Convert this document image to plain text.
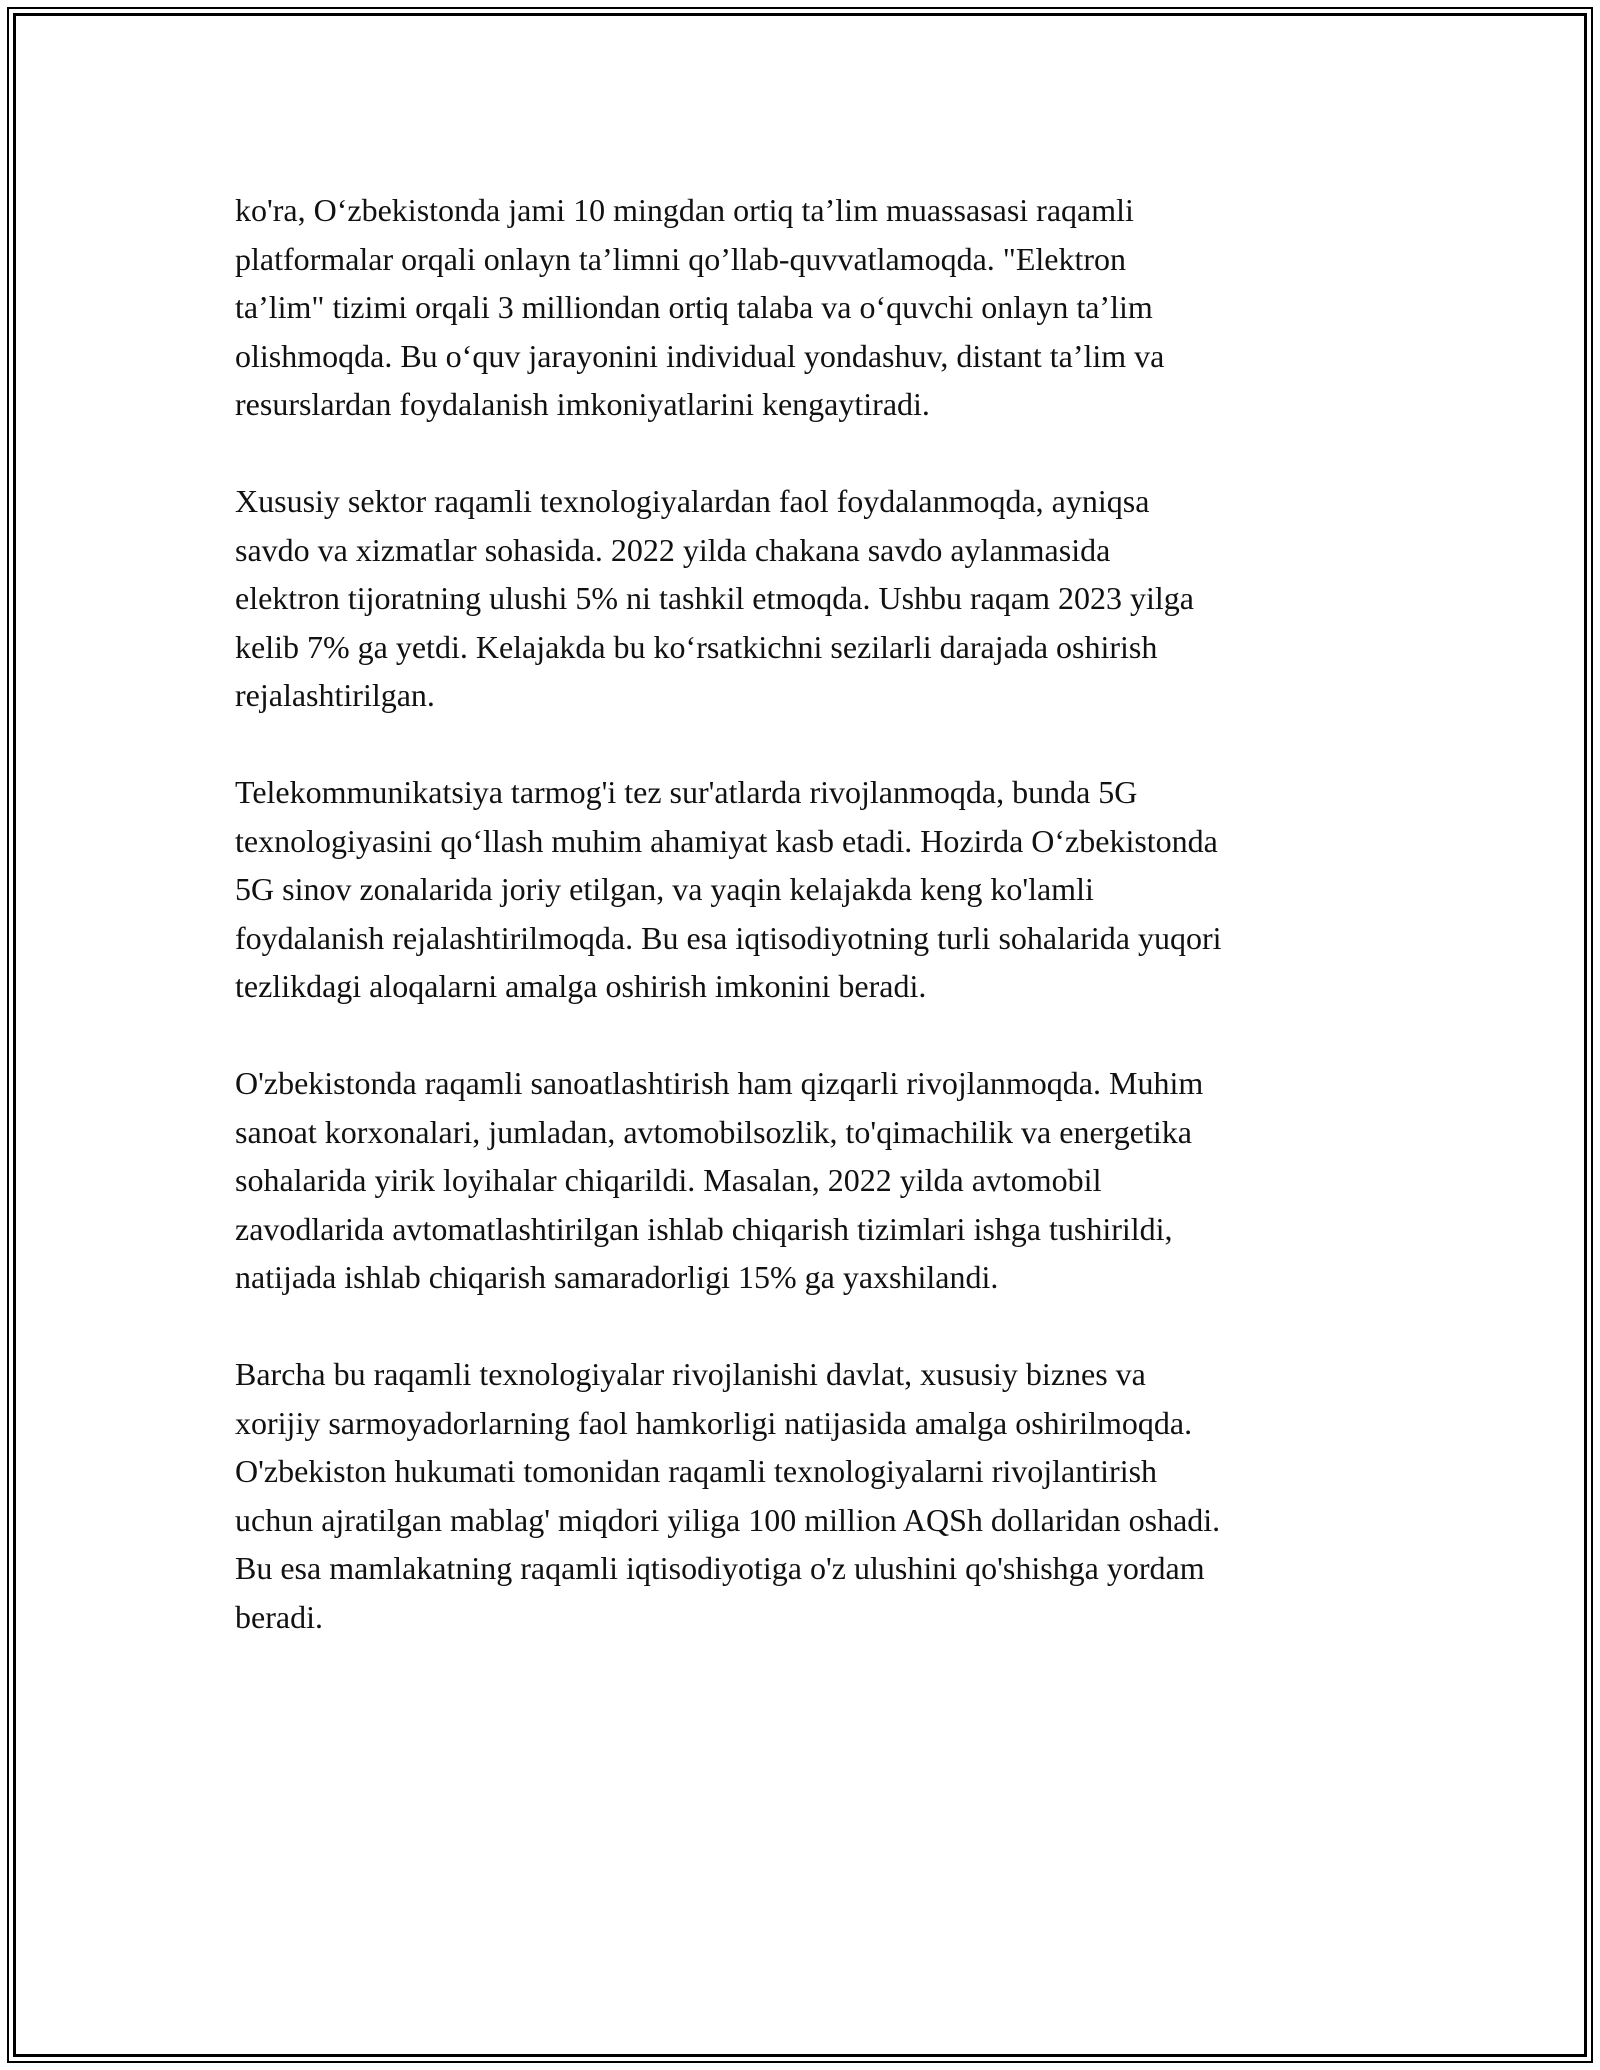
ko'ra, O‘zbekistonda jami 10 mingdan ortiq ta’lim muassasasi raqamli
platformalar orqali onlayn ta’limni qo’llab-quvvatlamoqda. "Elektron
ta’lim" tizimi orqali 3 milliondan ortiq talaba va o‘quvchi onlayn ta’lim
olishmoqda. Bu o‘quv jarayonini individual yondashuv, distant ta’lim va
resurslardan foydalanish imkoniyatlarini kengaytiradi.

Xususiy sektor raqamli texnologiyalardan faol foydalanmoqda, ayniqsa
savdo va xizmatlar sohasida. 2022 yilda chakana savdo aylanmasida
elektron tijoratning ulushi 5% ni tashkil etmoqda. Ushbu raqam 2023 yilga
kelib 7% ga yetdi. Kelajakda bu ko‘rsatkichni sezilarli darajada oshirish
rejalashtirilgan.

Telekommunikatsiya tarmog'i tez sur'atlarda rivojlanmoqda, bunda 5G
texnologiyasini qo‘llash muhim ahamiyat kasb etadi. Hozirda O‘zbekistonda
5G sinov zonalarida joriy etilgan, va yaqin kelajakda keng ko'lamli
foydalanish rejalashtirilmoqda. Bu esa iqtisodiyotning turli sohalarida yuqori
tezlikdagi aloqalarni amalga oshirish imkonini beradi.

O'zbekistonda raqamli sanoatlashtirish ham qizqarli rivojlanmoqda. Muhim
sanoat korxonalari, jumladan, avtomobilsozlik, to'qimachilik va energetika
sohalarida yirik loyihalar chiqarildi. Masalan, 2022 yilda avtomobil
zavodlarida avtomatlashtirilgan ishlab chiqarish tizimlari ishga tushirildi,
natijada ishlab chiqarish samaradorligi 15% ga yaxshilandi.

Barcha bu raqamli texnologiyalar rivojlanishi davlat, xususiy biznes va
xorijiy sarmoyadorlarning faol hamkorligi natijasida amalga oshirilmoqda.
O'zbekiston hukumati tomonidan raqamli texnologiyalarni rivojlantirish
uchun ajratilgan mablag' miqdori yiliga 100 million AQSh dollaridan oshadi.
Bu esa mamlakatning raqamli iqtisodiyotiga o'z ulushini qo'shishga yordam
beradi.
